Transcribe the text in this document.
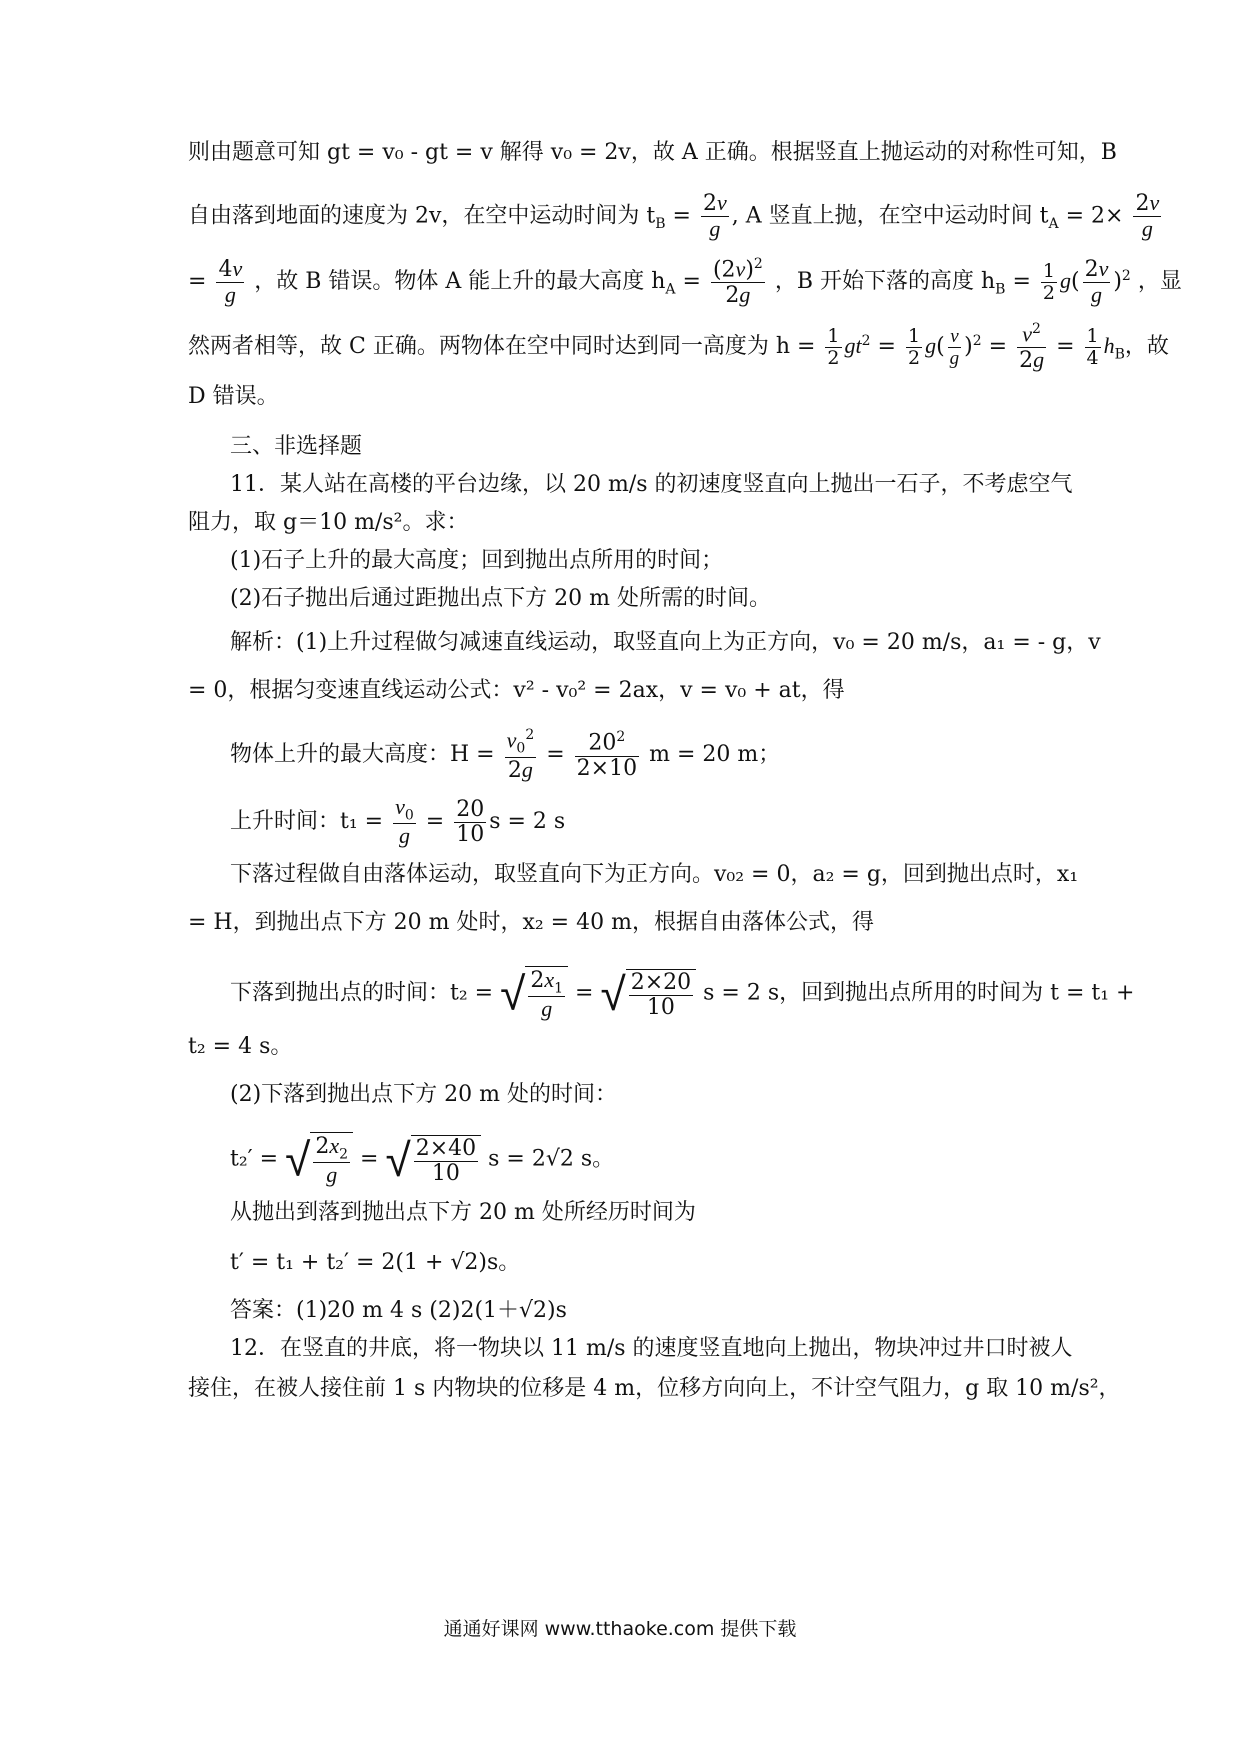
则由题意可知 gt = v₀ - gt = v 解得 v₀ = 2v，故 A 正确。根据竖直上抛运动的对称性可知，B
自由落到地面的速度为 2v，在空中运动时间为 $t_B = \frac{2v}{g}$ , A 竖直上抛，在空中运动时间 $t_A = 2\times \frac{2v}{g}$
= $\frac{4v}{g}$ ，故 B 错误。物体 A 能上升的最大高度 $h_A = \frac{(2v)^2}{2g}$ ，B 开始下落的高度 $h_B = \frac{1}{2} g( \frac{2v}{g} )^2$ ，显
然两者相等，故 C 正确。两物体在空中同时达到同一高度为 $h = \frac{1}{2} gt^2 = \frac{1}{2} g( \frac{v}{g} )^2 = \frac{v^2}{2g} = \frac{1}{4} h_B$，故
D 错误。
三、非选择题
11．某人站在高楼的平台边缘，以 20 m/s 的初速度竖直向上抛出一石子，不考虑空气
阻力，取 g＝10 m/s²。求：
(1)石子上升的最大高度；回到抛出点所用的时间；
(2)石子抛出后通过距抛出点下方 20 m 处所需的时间。
解析：(1)上升过程做匀减速直线运动，取竖直向上为正方向，v₀ = 20 m/s，a₁ = - g，v
= 0，根据匀变速直线运动公式：v² - v₀² = 2ax，v = v₀ + at，得
物体上升的最大高度：$H = \frac{v_0^2}{2g} = \frac{20^2}{2\times 10}$ m = 20 m；
上升时间：$t_1 = \frac{v_0}{g} = \frac{20}{10}$ s = 2 s
下落过程做自由落体运动，取竖直向下为正方向。v₀₂ = 0，a₂ = g，回到抛出点时，x₁
= H，到抛出点下方 20 m 处时，x₂ = 40 m，根据自由落体公式，得
下落到抛出点的时间：t₂ = √ $\frac{2x_1}{g}$ = √ $\frac{2\times 20}{10}$ s = 2 s，回到抛出点所用的时间为 t = t₁ +
t₂ = 4 s。
(2)下落到抛出点下方 20 m 处的时间：
t₂′ = √ $\frac{2x_2}{g}$ = √ $\frac{2\times 40}{10}$ s = 2√2 s。
从抛出到落到抛出点下方 20 m 处所经历时间为
t′ = t₁ + t₂′ = 2(1 + √2)s。
答案：(1)20 m 4 s (2)2(1＋√2)s
12．在竖直的井底，将一物块以 11 m/s 的速度竖直地向上抛出，物块冲过井口时被人
接住，在被人接住前 1 s 内物块的位移是 4 m，位移方向向上，不计空气阻力，g 取 10 m/s²，
通通好课网 www.tthaoke.com 提供下载
